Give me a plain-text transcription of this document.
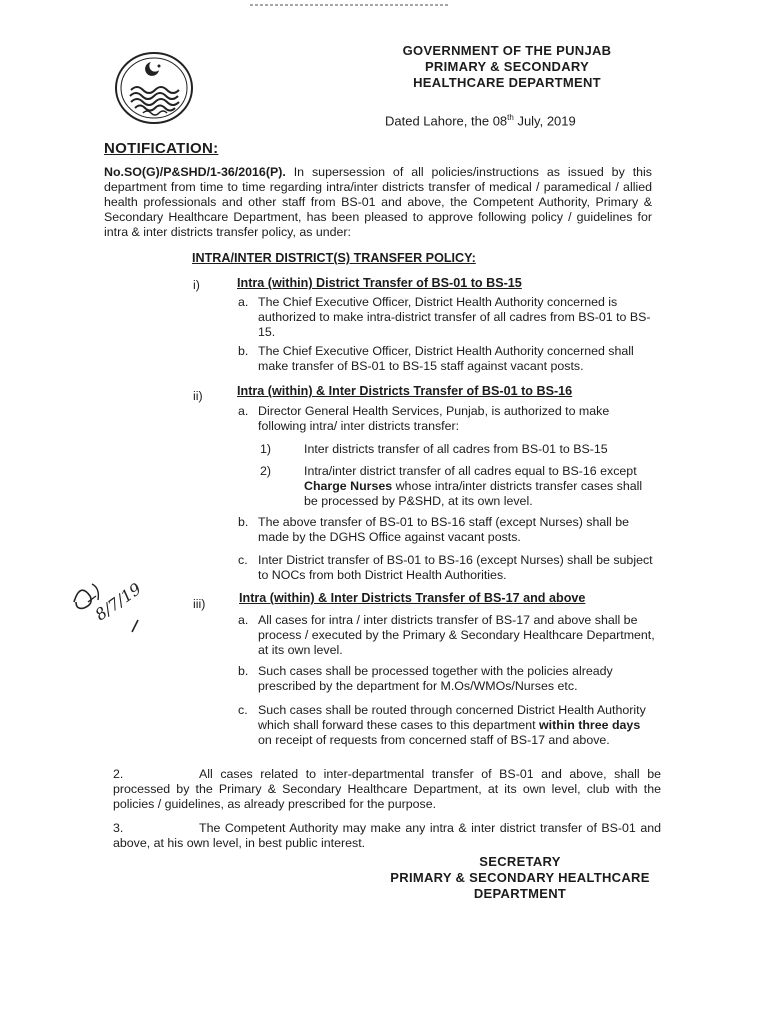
GOVERNMENT OF THE PUNJAB
PRIMARY & SECONDARY
HEALTHCARE DEPARTMENT
Dated Lahore, the 08th July, 2019
NOTIFICATION:
No.SO(G)/P&SHD/1-36/2016(P). In supersession of all policies/instructions as issued by this department from time to time regarding intra/inter districts transfer of medical / paramedical / allied health professionals and other staff from BS-01 and above, the Competent Authority, Primary & Secondary Healthcare Department, has been pleased to approve following policy / guidelines for intra & inter districts transfer policy, as under:
INTRA/INTER DISTRICT(S) TRANSFER POLICY:
i)	Intra (within) District Transfer of BS-01 to BS-15
a. The Chief Executive Officer, District Health Authority concerned is authorized to make intra-district transfer of all cadres from BS-01 to BS-15.
b. The Chief Executive Officer, District Health Authority concerned shall make transfer of BS-01 to BS-15 staff against vacant posts.
ii)	Intra (within) & Inter Districts Transfer of BS-01 to BS-16
a. Director General Health Services, Punjab, is authorized to make following intra/ inter districts transfer:
1)	Inter districts transfer of all cadres from BS-01 to BS-15
2)	Intra/inter district transfer of all cadres equal to BS-16 except Charge Nurses whose intra/inter districts transfer cases shall be processed by P&SHD, at its own level.
b. The above transfer of BS-01 to BS-16 staff (except Nurses) shall be made by the DGHS Office against vacant posts.
c. Inter District transfer of BS-01 to BS-16 (except Nurses) shall be subject to NOCs from both District Health Authorities.
iii)	Intra (within) & Inter Districts Transfer of BS-17 and above
a. All cases for intra / inter districts transfer of BS-17 and above shall be process / executed by the Primary & Secondary Healthcare Department, at its own level.
b. Such cases shall be processed together with the policies already prescribed by the department for M.Os/WMOs/Nurses etc.
c. Such cases shall be routed through concerned District Health Authority which shall forward these cases to this department within three days on receipt of requests from concerned staff of BS-17 and above.
2.	All cases related to inter-departmental transfer of BS-01 and above, shall be processed by the Primary & Secondary Healthcare Department, at its own level, club with the policies / guidelines, as already prescribed for the purpose.
3.	The Competent Authority may make any intra & inter district transfer of BS-01 and above, at his own level, in best public interest.
SECRETARY
PRIMARY & SECONDARY HEALTHCARE
DEPARTMENT
8/7/19
